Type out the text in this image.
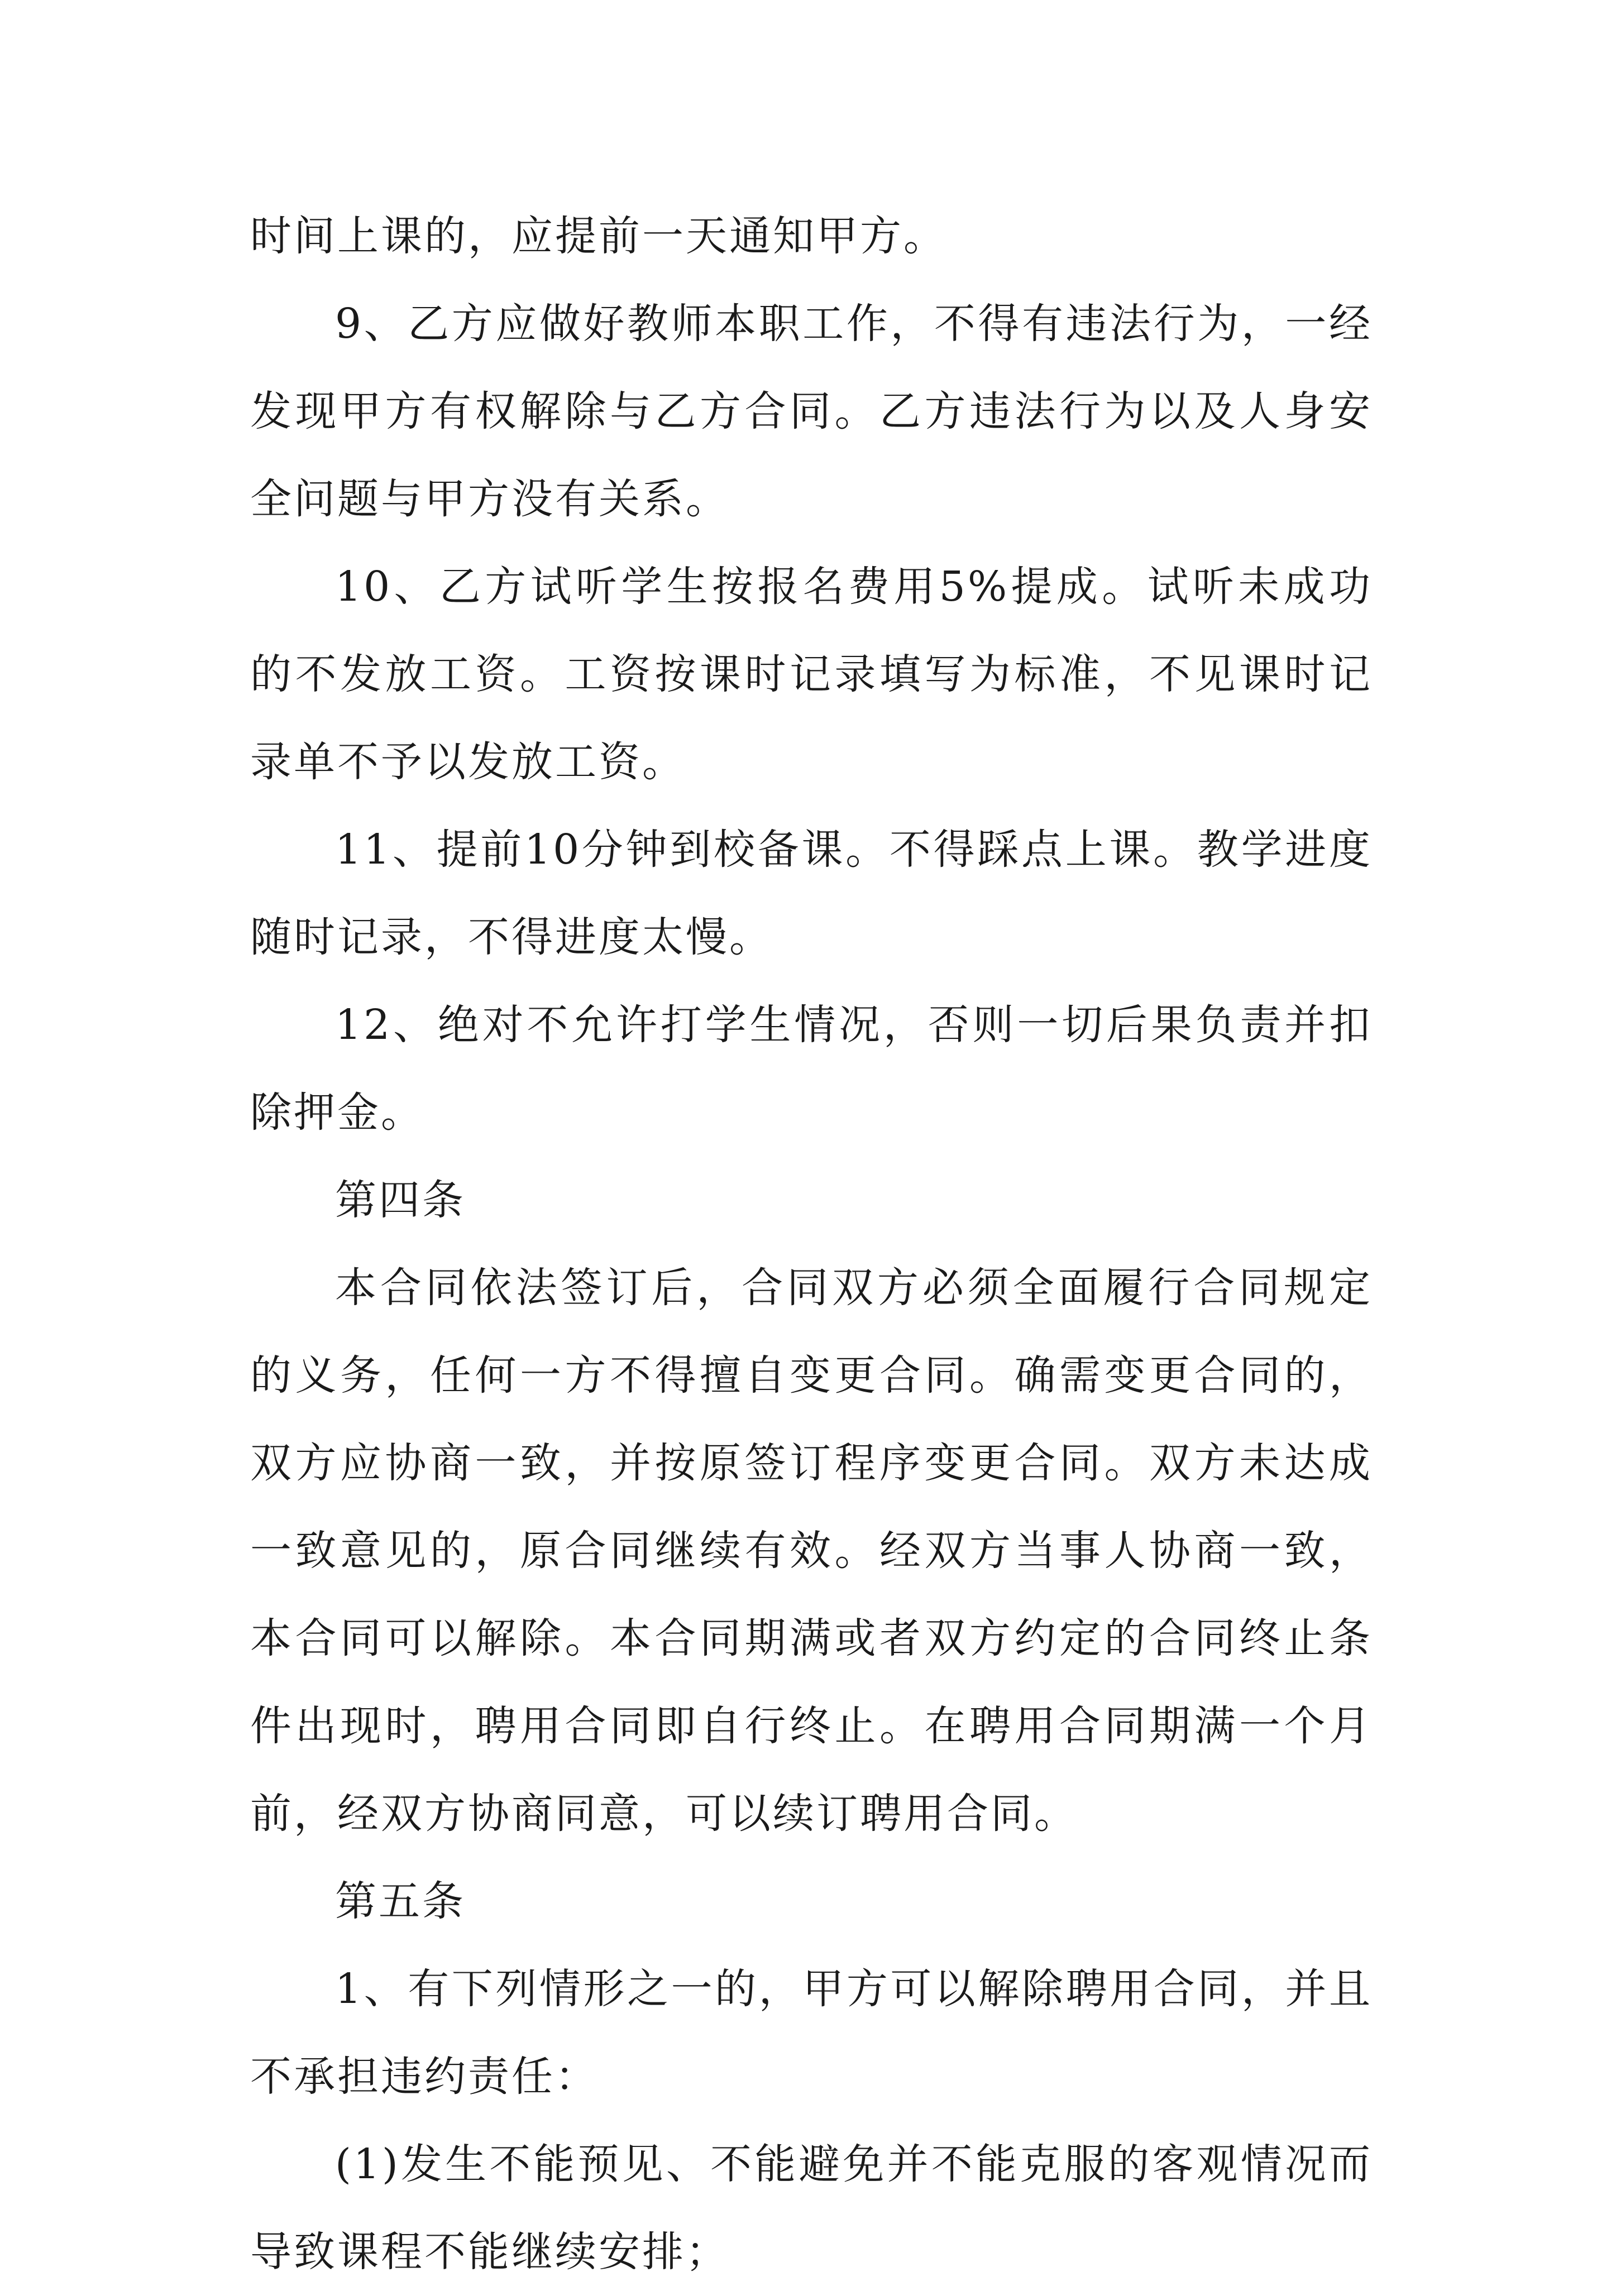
时间上课的，应提前一天通知甲方。

9、乙方应做好教师本职工作，不得有违法行为，一经发现甲方有权解除与乙方合同。乙方违法行为以及人身安全问题与甲方没有关系。

10、乙方试听学生按报名费用5%提成。试听未成功的不发放工资。工资按课时记录填写为标准，不见课时记录单不予以发放工资。

11、提前10分钟到校备课。不得踩点上课。教学进度随时记录，不得进度太慢。

12、绝对不允许打学生情况，否则一切后果负责并扣除押金。

第四条

本合同依法签订后，合同双方必须全面履行合同规定的义务，任何一方不得擅自变更合同。确需变更合同的，双方应协商一致，并按原签订程序变更合同。双方未达成一致意见的，原合同继续有效。经双方当事人协商一致，本合同可以解除。本合同期满或者双方约定的合同终止条件出现时，聘用合同即自行终止。在聘用合同期满一个月前，经双方协商同意，可以续订聘用合同。

第五条

1、有下列情形之一的，甲方可以解除聘用合同，并且不承担违约责任：

(1)发生不能预见、不能避免并不能克服的客观情况而导致课程不能继续安排；
